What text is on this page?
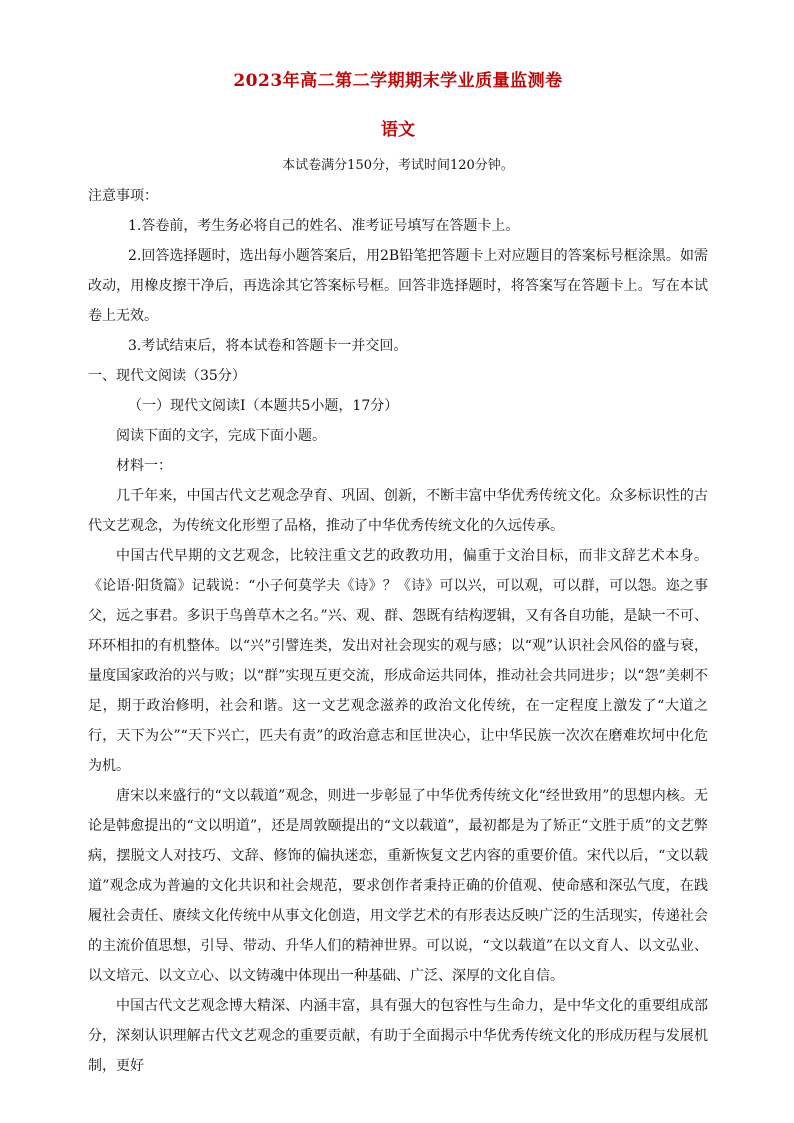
2023年高二第二学期期末学业质量监测卷
语文
本试卷满分150分，考试时间120分钟。

注意事项：

1.答卷前，考生务必将自己的姓名、准考证号填写在答题卡上。

2.回答选择题时，选出每小题答案后，用2B铅笔把答题卡上对应题目的答案标号框涂黑。如需改动，用橡皮擦干净后，再选涂其它答案标号框。回答非选择题时，将答案写在答题卡上。写在本试卷上无效。

3.考试结束后，将本试卷和答题卡一并交回。

一、现代文阅读（35分）

（一）现代文阅读Ⅰ（本题共5小题，17分）

阅读下面的文字，完成下面小题。

材料一：

几千年来，中国古代文艺观念孕育、巩固、创新，不断丰富中华优秀传统文化。众多标识性的古代文艺观念，为传统文化形塑了品格，推动了中华优秀传统文化的久远传承。

中国古代早期的文艺观念，比较注重文艺的政教功用，偏重于文治目标，而非文辞艺术本身。《论语·阳货篇》记载说：“小子何莫学夫《诗》？《诗》可以兴，可以观，可以群，可以怨。迩之事父，远之事君。多识于鸟兽草木之名。”兴、观、群、怨既有结构逻辑，又有各自功能，是缺一不可、环环相扣的有机整体。以“兴”引譬连类，发出对社会现实的观与感；以“观”认识社会风俗的盛与衰，量度国家政治的兴与败；以“群”实现互更交流，形成命运共同体，推动社会共同进步；以“怨”美刺不足，期于政治修明，社会和谐。这一文艺观念滋养的政治文化传统，在一定程度上激发了“大道之行，天下为公”“天下兴亡，匹夫有责”的政治意志和匡世决心，让中华民族一次次在磨难坎坷中化危为机。

唐宋以来盛行的“文以载道”观念，则进一步彰显了中华优秀传统文化“经世致用”的思想内核。无论是韩愈提出的“文以明道”，还是周敦颐提出的“文以载道”，最初都是为了矫正“文胜于质”的文艺弊病，摆脱文人对技巧、文辞、修饰的偏执迷恋，重新恢复文艺内容的重要价值。宋代以后，“文以载道”观念成为普遍的文化共识和社会规范，要求创作者秉持正确的价值观、使命感和深弘气度，在践履社会责任、赓续文化传统中从事文化创造，用文学艺术的有形表达反映广泛的生活现实，传递社会的主流价值思想，引导、带动、升华人们的精神世界。可以说，“文以载道”在以文育人、以文弘业、以文培元、以文立心、以文铸魂中体现出一种基础、广泛、深厚的文化自信。

中国古代文艺观念博大精深、内涵丰富，具有强大的包容性与生命力，是中华文化的重要组成部分，深刻认识理解古代文艺观念的重要贡献，有助于全面揭示中华优秀传统文化的形成历程与发展机制，更好
